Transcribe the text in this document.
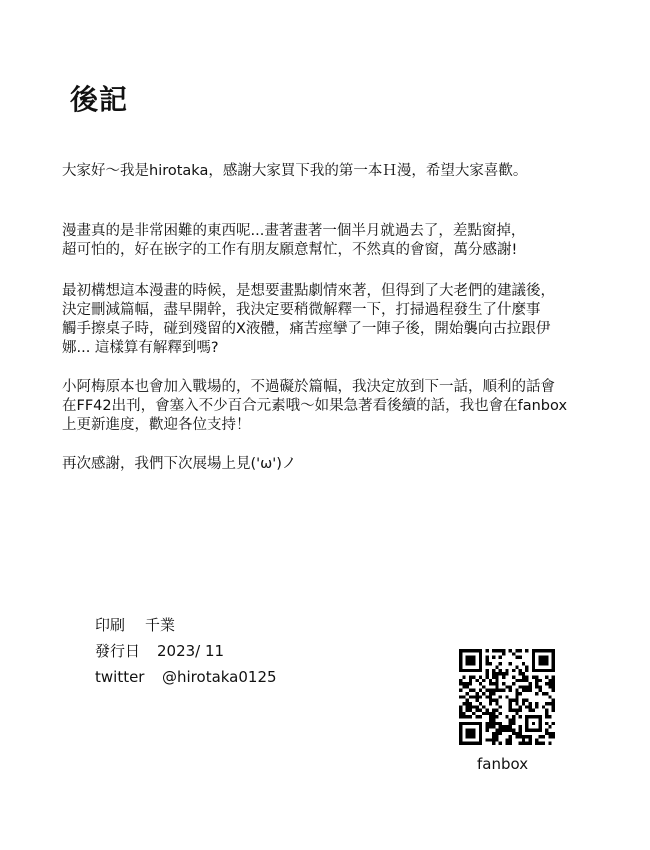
後記

大家好～我是hirotaka，感謝大家買下我的第一本Ｈ漫，希望大家喜歡。

漫畫真的是非常困難的東西呢...畫著畫著一個半月就過去了，差點窗掉，
超可怕的，好在嵌字的工作有朋友願意幫忙，不然真的會窗，萬分感謝!

最初構想這本漫畫的時候，是想要畫點劇情來著，但得到了大老們的建議後，
決定刪減篇幅，盡早開幹，我決定要稍微解釋一下，打掃過程發生了什麼事
觸手擦桌子時，碰到殘留的X液體，痛苦痙攣了一陣子後，開始襲向古拉跟伊
娜... 這樣算有解釋到嗎?

小阿梅原本也會加入戰場的，不過礙於篇幅，我決定放到下一話，順利的話會
在FF42出刊，會塞入不少百合元素哦～如果急著看後續的話，我也會在fanbox
上更新進度，歡迎各位支持！

再次感謝，我們下次展場上見('ω')ノ

印刷 千業
發行日 2023/ 11
twitter @hirotaka0125
fanbox
